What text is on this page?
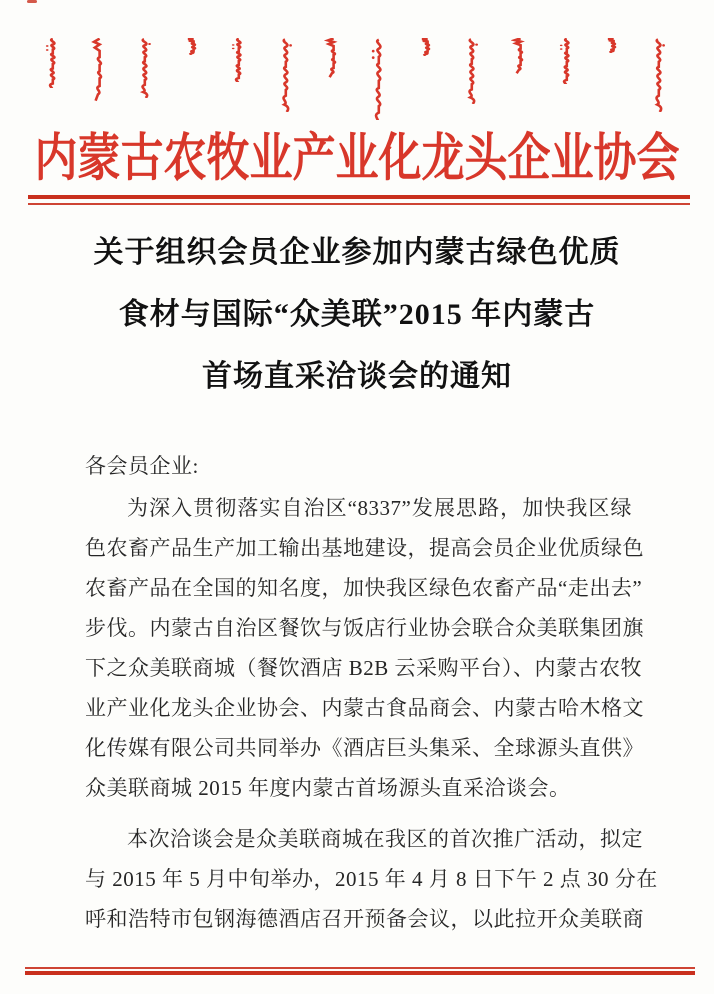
内蒙古农牧业产业化龙头企业协会
关于组织会员企业参加内蒙古绿色优质
食材与国际“众美联”2015 年内蒙古
首场直采洽谈会的通知
各会员企业:
为深入贯彻落实自治区“8337”发展思路，加快我区绿
色农畜产品生产加工输出基地建设，提高会员企业优质绿色
农畜产品在全国的知名度，加快我区绿色农畜产品“走出去”
步伐。内蒙古自治区餐饮与饭店行业协会联合众美联集团旗
下之众美联商城（餐饮酒店 B2B 云采购平台）、内蒙古农牧
业产业化龙头企业协会、内蒙古食品商会、内蒙古哈木格文
化传媒有限公司共同举办《酒店巨头集采、全球源头直供》
众美联商城 2015 年度内蒙古首场源头直采洽谈会。
本次洽谈会是众美联商城在我区的首次推广活动，拟定
与 2015 年 5 月中旬举办，2015 年 4 月 8 日下午 2 点 30 分在
呼和浩特市包钢海德酒店召开预备会议，以此拉开众美联商
